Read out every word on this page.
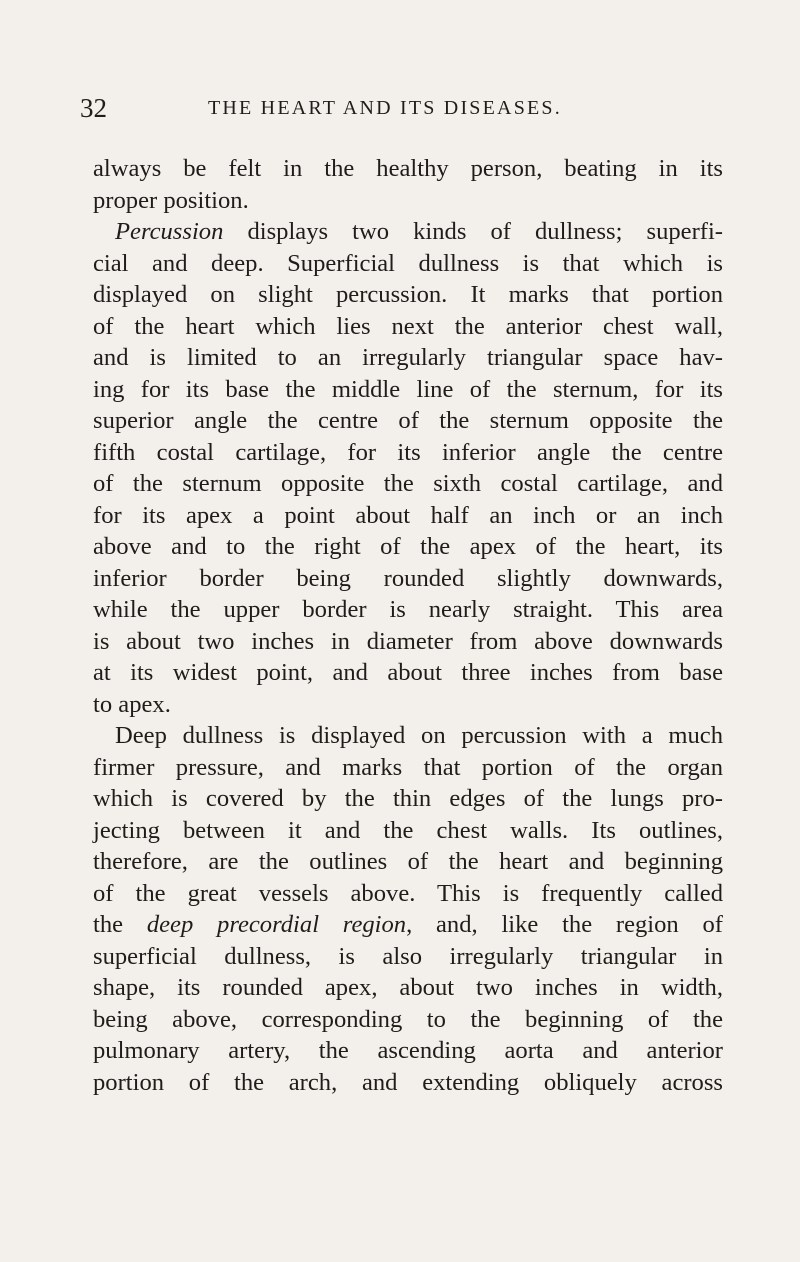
32	THE HEART AND ITS DISEASES.
always be felt in the healthy person, beating in its
proper position.
Percussion displays two kinds of dullness; superfi-
cial and deep. Superficial dullness is that which is
displayed on slight percussion. It marks that portion
of the heart which lies next the anterior chest wall,
and is limited to an irregularly triangular space hav-
ing for its base the middle line of the sternum, for its
superior angle the centre of the sternum opposite the
fifth costal cartilage, for its inferior angle the centre
of the sternum opposite the sixth costal cartilage, and
for its apex a point about half an inch or an inch
above and to the right of the apex of the heart, its
inferior border being rounded slightly downwards,
while the upper border is nearly straight. This area
is about two inches in diameter from above downwards
at its widest point, and about three inches from base
to apex.
Deep dullness is displayed on percussion with a much
firmer pressure, and marks that portion of the organ
which is covered by the thin edges of the lungs pro-
jecting between it and the chest walls. Its outlines,
therefore, are the outlines of the heart and beginning
of the great vessels above. This is frequently called
the deep precordial region, and, like the region of
superficial dullness, is also irregularly triangular in
shape, its rounded apex, about two inches in width,
being above, corresponding to the beginning of the
pulmonary artery, the ascending aorta and anterior
portion of the arch, and extending obliquely across
